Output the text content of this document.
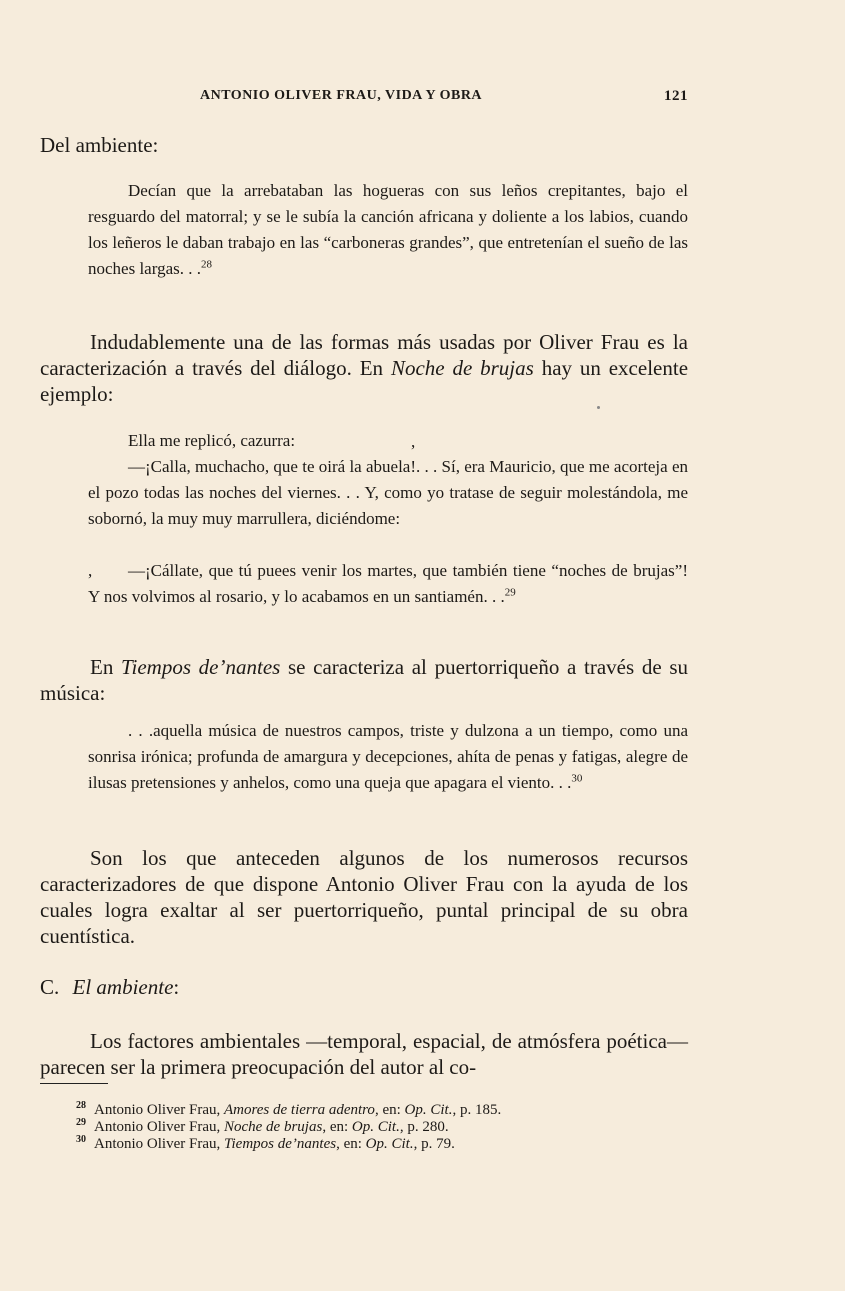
ANTONIO OLIVER FRAU, VIDA Y OBRA	121
Del ambiente:
Decían que la arrebataban las hogueras con sus leños crepitantes, bajo el resguardo del matorral; y se le subía la canción africana y doliente a los labios, cuando los leñeros le daban trabajo en las “carboneras grandes”, que entretenían el sueño de las noches largas. . .$^{28}$
Indudablemente una de las formas más usadas por Oliver Frau es la caracterización a través del diálogo. En Noche de brujas hay un excelente ejemplo:
Ella me replicó, cazurra:	,
—¡Calla, muchacho, que te oirá la abuela!. . . Sí, era Mauricio, que me acorteja en el pozo todas las noches del viernes. . . Y, como yo tratase de seguir molestándola, me sobornó, la muy muy marrullera, diciéndome:
, —¡Cállate, que tú puees venir los martes, que también tiene “noches de brujas”! Y nos volvimos al rosario, y lo acabamos en un santiamén. . .$^{29}$
En Tiempos de’nantes se caracteriza al puertorriqueño a través de su música:
. . .aquella música de nuestros campos, triste y dulzona a un tiempo, como una sonrisa irónica; profunda de amargura y decepciones, ahíta de penas y fatigas, alegre de ilusas pretensiones y anhelos, como una queja que apagara el viento. . .$^{30}$
Son los que anteceden algunos de los numerosos recursos caracterizadores de que dispone Antonio Oliver Frau con la ayuda de los cuales logra exaltar al ser puertorriqueño, puntal principal de su obra cuentística.
C. El ambiente:
Los factores ambientales —temporal, espacial, de atmósfera poética— parecen ser la primera preocupación del autor al co-
$^{28}$ Antonio Oliver Frau, Amores de tierra adentro, en: Op. Cit., p. 185.
$^{29}$ Antonio Oliver Frau, Noche de brujas, en: Op. Cit., p. 280.
$^{30}$ Antonio Oliver Frau, Tiempos de’nantes, en: Op. Cit., p. 79.
